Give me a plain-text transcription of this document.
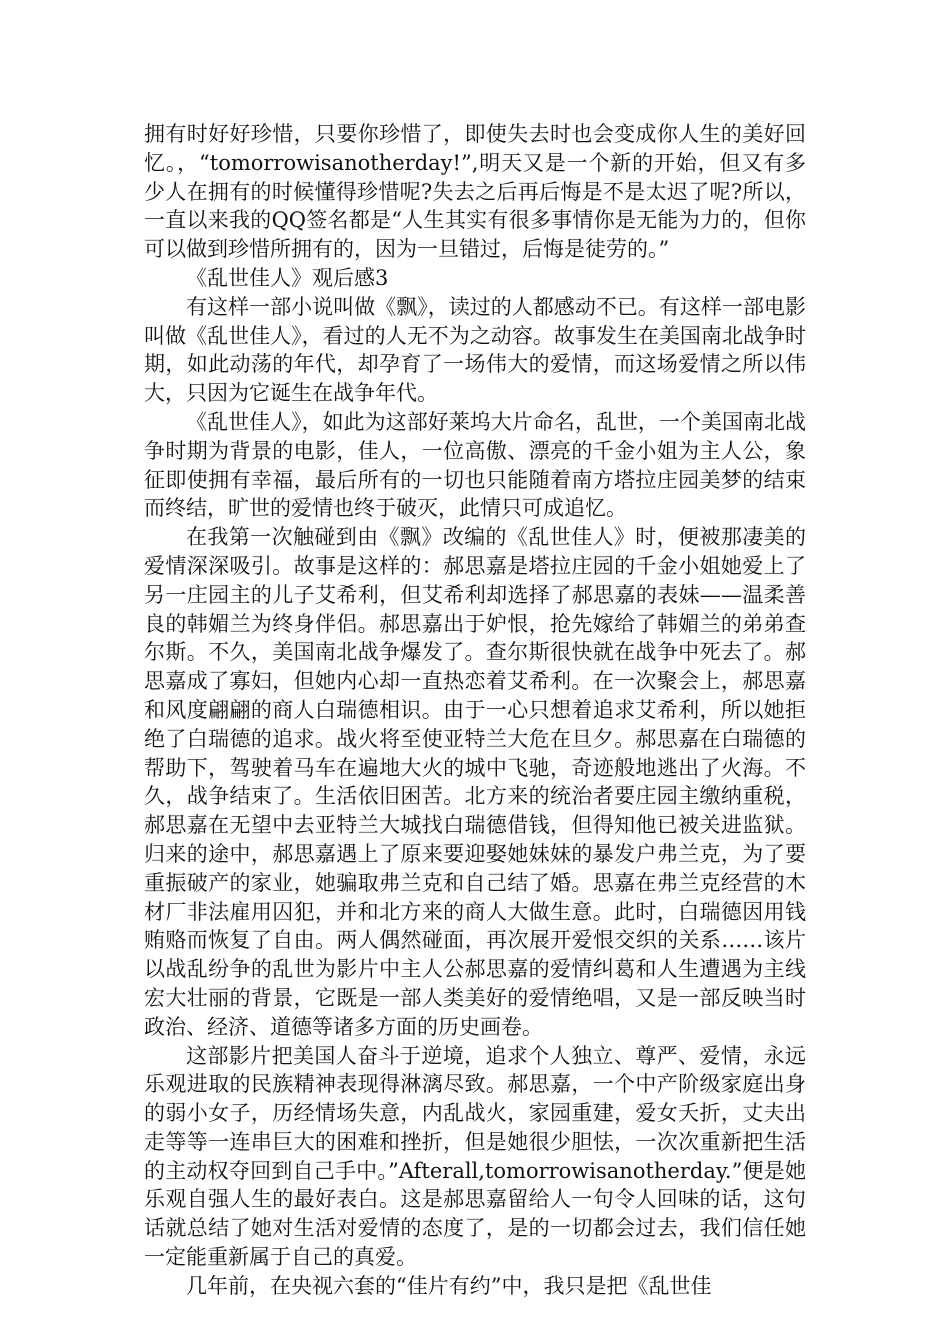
拥有时好好珍惜，只要你珍惜了，即使失去时也会变成你人生的美好回忆。，“tomorrowisanotherday!”,明天又是一个新的开始，但又有多少人在拥有的时候懂得珍惜呢?失去之后再后悔是不是太迟了呢?所以，一直以来我的QQ签名都是“人生其实有很多事情你是无能为力的，但你可以做到珍惜所拥有的，因为一旦错过，后悔是徒劳的。”

《乱世佳人》观后感3

有这样一部小说叫做《飘》，读过的人都感动不已。有这样一部电影叫做《乱世佳人》，看过的人无不为之动容。故事发生在美国南北战争时期，如此动荡的年代，却孕育了一场伟大的爱情，而这场爱情之所以伟大，只因为它诞生在战争年代。

《乱世佳人》，如此为这部好莱坞大片命名，乱世，一个美国南北战争时期为背景的电影，佳人，一位高傲、漂亮的千金小姐为主人公，象征即使拥有幸福，最后所有的一切也只能随着南方塔拉庄园美梦的结束而终结，旷世的爱情也终于破灭，此情只可成追忆。

在我第一次触碰到由《飘》改编的《乱世佳人》时，便被那凄美的爱情深深吸引。故事是这样的：郝思嘉是塔拉庄园的千金小姐她爱上了另一庄园主的儿子艾希利，但艾希利却选择了郝思嘉的表妹——温柔善良的韩媚兰为终身伴侣。郝思嘉出于妒恨，抢先嫁给了韩媚兰的弟弟查尔斯。不久，美国南北战争爆发了。查尔斯很快就在战争中死去了。郝思嘉成了寡妇，但她内心却一直热恋着艾希利。在一次聚会上，郝思嘉和风度翩翩的商人白瑞德相识。由于一心只想着追求艾希利，所以她拒绝了白瑞德的追求。战火将至使亚特兰大危在旦夕。郝思嘉在白瑞德的帮助下，驾驶着马车在遍地大火的城中飞驰，奇迹般地逃出了火海。不久，战争结束了。生活依旧困苦。北方来的统治者要庄园主缴纳重税，郝思嘉在无望中去亚特兰大城找白瑞德借钱，但得知他已被关进监狱。归来的途中，郝思嘉遇上了原来要迎娶她妹妹的暴发户弗兰克，为了要重振破产的家业，她骗取弗兰克和自己结了婚。思嘉在弗兰克经营的木材厂非法雇用囚犯，并和北方来的商人大做生意。此时，白瑞德因用钱贿赂而恢复了自由。两人偶然碰面，再次展开爱恨交织的关系……该片以战乱纷争的乱世为影片中主人公郝思嘉的爱情纠葛和人生遭遇为主线宏大壮丽的背景，它既是一部人类美好的爱情绝唱，又是一部反映当时政治、经济、道德等诸多方面的历史画卷。

这部影片把美国人奋斗于逆境，追求个人独立、尊严、爱情，永远乐观进取的民族精神表现得淋漓尽致。郝思嘉，一个中产阶级家庭出身的弱小女子，历经情场失意，内乱战火，家园重建，爱女夭折，丈夫出走等等一连串巨大的困难和挫折，但是她很少胆怯，一次次重新把生活的主动权夺回到自己手中。”Afterall,tomorrowisanotherday.”便是她乐观自强人生的最好表白。这是郝思嘉留给人一句令人回味的话，这句话就总结了她对生活对爱情的态度了，是的一切都会过去，我们信任她一定能重新属于自己的真爱。

几年前，在央视六套的“佳片有约”中，我只是把《乱世佳
